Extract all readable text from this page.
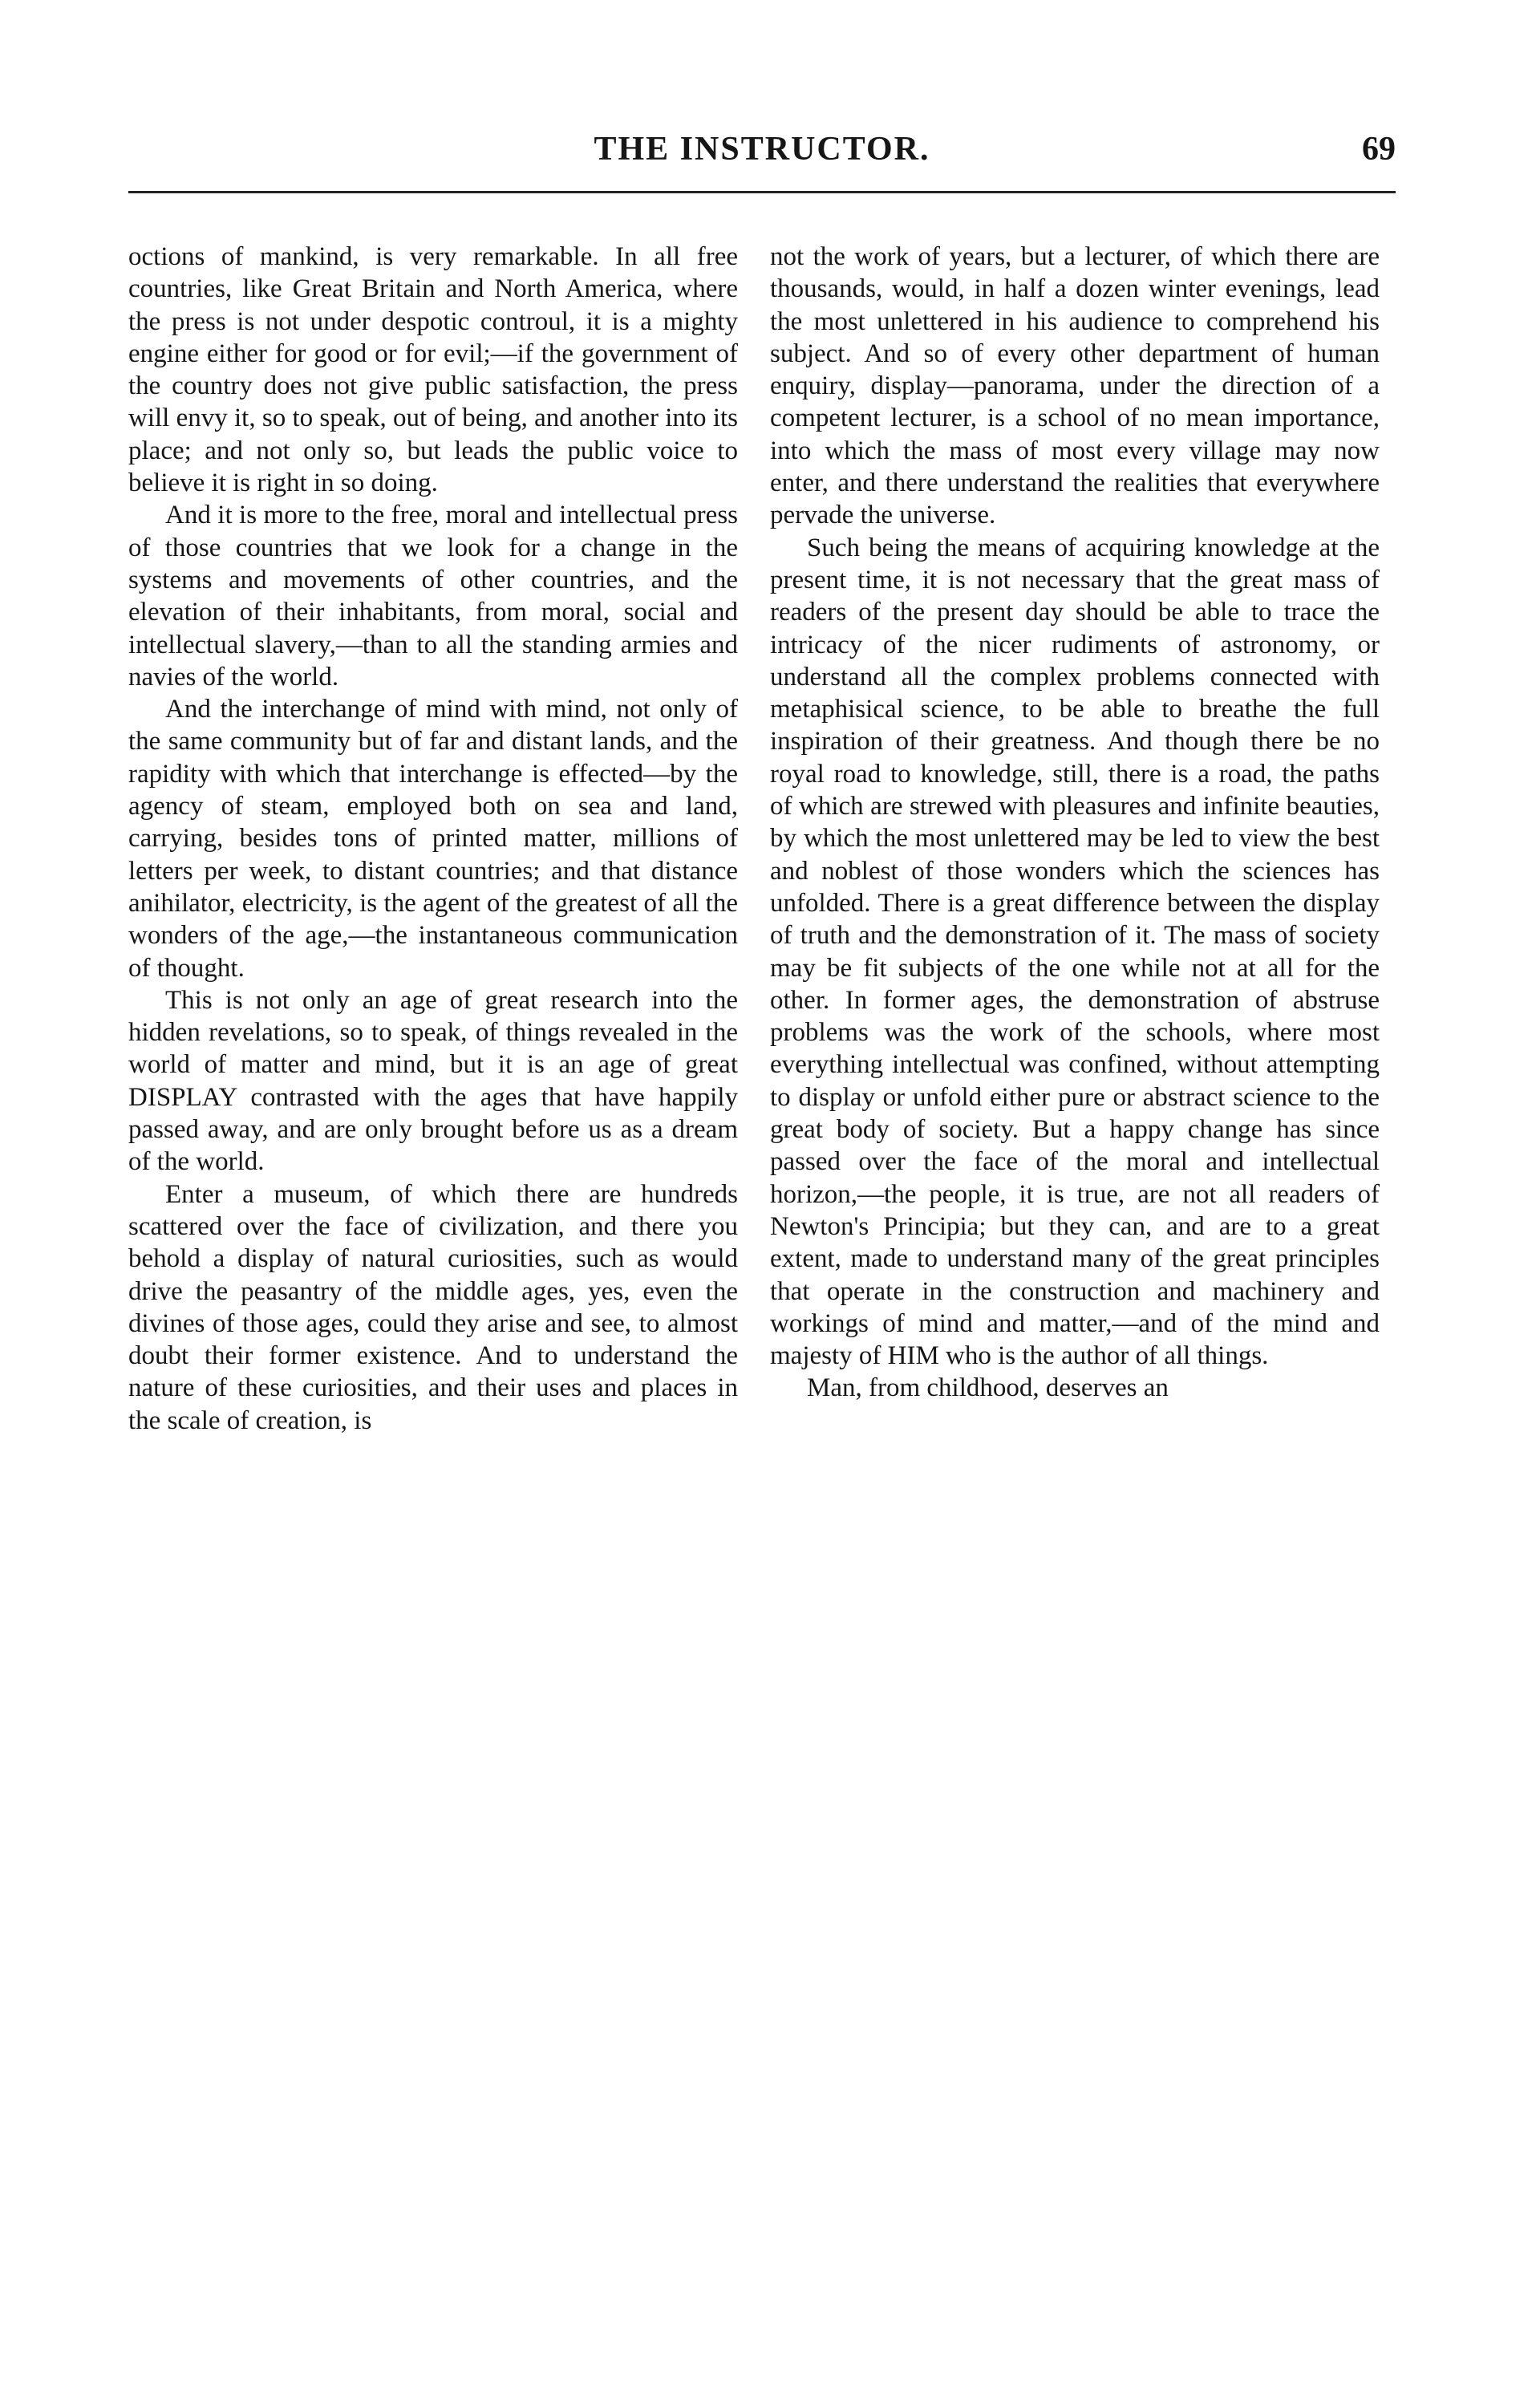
THE INSTRUCTOR.	69

octions of mankind, is very remarkable. In all free countries, like Great Britain and North America, where the press is not under despotic controul, it is a mighty engine either for good or for evil;—if the government of the country does not give public satisfaction, the press will envy it, so to speak, out of being, and another into its place; and not only so, but leads the public voice to believe it is right in so doing.

And it is more to the free, moral and intellectual press of those countries that we look for a change in the systems and movements of other countries, and the elevation of their inhabitants, from moral, social and intellectual slavery,—than to all the standing armies and navies of the world.

And the interchange of mind with mind, not only of the same community but of far and distant lands, and the rapidity with which that interchange is effected—by the agency of steam, employed both on sea and land, carrying, besides tons of printed matter, millions of letters per week, to distant countries; and that distance anihilator, electricity, is the agent of the greatest of all the wonders of the age,—the instantaneous communication of thought.

This is not only an age of great research into the hidden revelations, so to speak, of things revealed in the world of matter and mind, but it is an age of great DISPLAY contrasted with the ages that have happily passed away, and are only brought before us as a dream of the world.

Enter a museum, of which there are hundreds scattered over the face of civilization, and there you behold a display of natural curiosities, such as would drive the peasantry of the middle ages, yes, even the divines of those ages, could they arise and see, to almost doubt their former existence. And to understand the nature of these curiosities, and their uses and places in the scale of creation, is

not the work of years, but a lecturer, of which there are thousands, would, in half a dozen winter evenings, lead the most unlettered in his audience to comprehend his subject. And so of every other department of human enquiry, display—panorama, under the direction of a competent lecturer, is a school of no mean importance, into which the mass of most every village may now enter, and there understand the realities that everywhere pervade the universe.

Such being the means of acquiring knowledge at the present time, it is not necessary that the great mass of readers of the present day should be able to trace the intricacy of the nicer rudiments of astronomy, or understand all the complex problems connected with metaphisical science, to be able to breathe the full inspiration of their greatness. And though there be no royal road to knowledge, still, there is a road, the paths of which are strewed with pleasures and infinite beauties, by which the most unlettered may be led to view the best and noblest of those wonders which the sciences has unfolded. There is a great difference between the display of truth and the demonstration of it. The mass of society may be fit subjects of the one while not at all for the other. In former ages, the demonstration of abstruse problems was the work of the schools, where most everything intellectual was confined, without attempting to display or unfold either pure or abstract science to the great body of society. But a happy change has since passed over the face of the moral and intellectual horizon,—the people, it is true, are not all readers of Newton's Principia; but they can, and are to a great extent, made to understand many of the great principles that operate in the construction and machinery and workings of mind and matter,—and of the mind and majesty of HIM who is the author of all things.

Man, from childhood, deserves an
